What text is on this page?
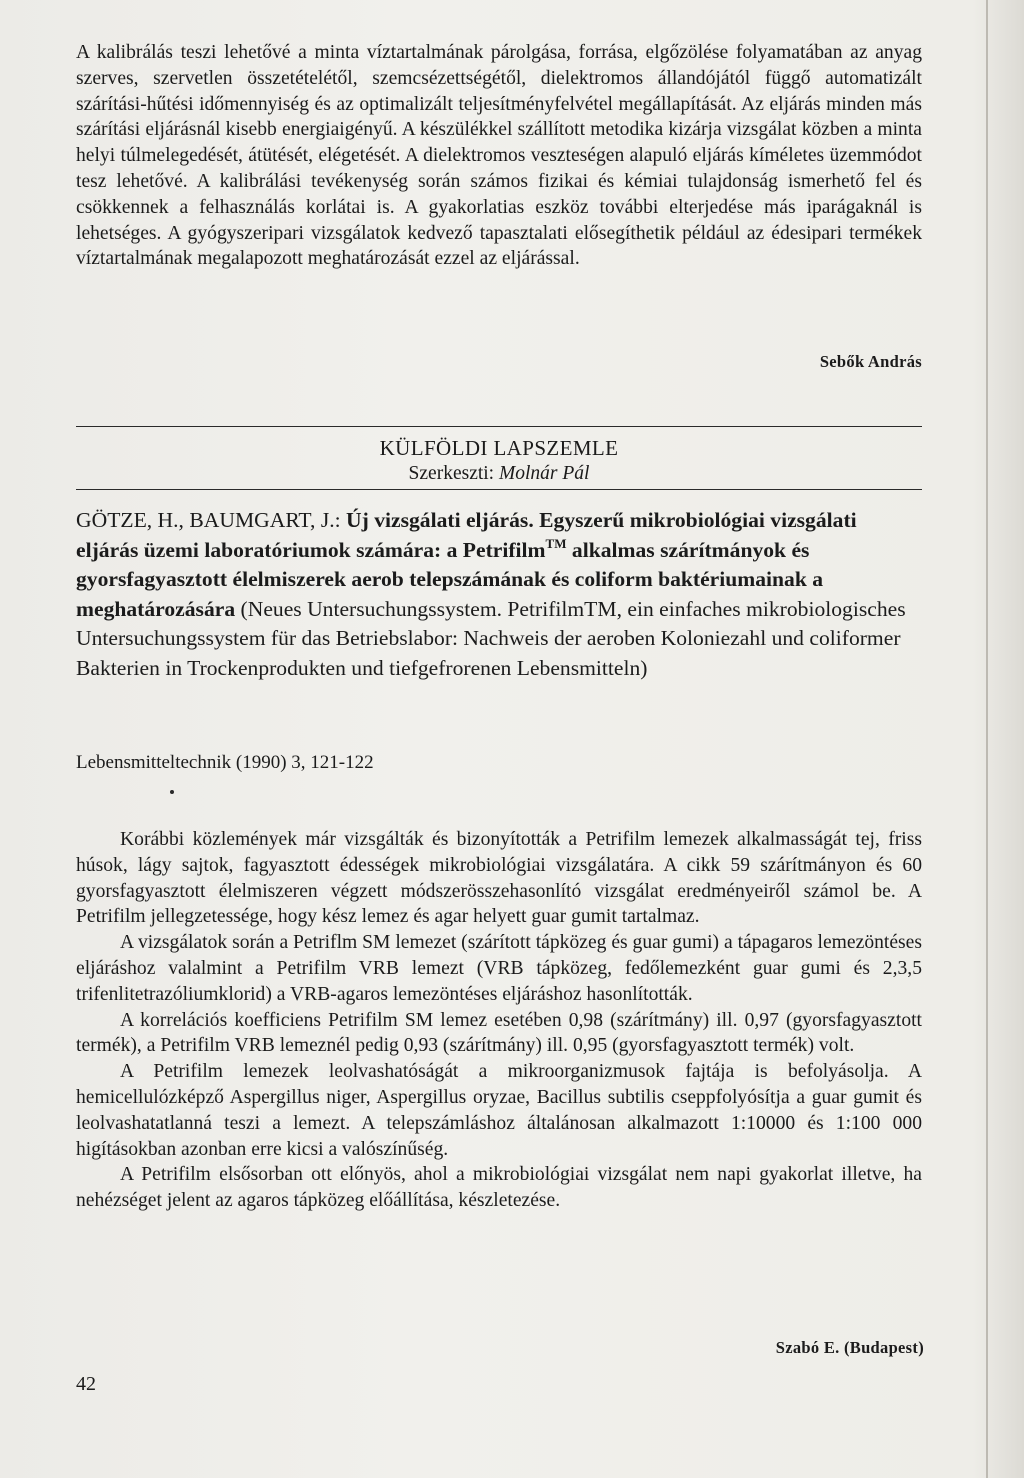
A kalibrálás teszi lehetővé a minta víztartalmának párolgása, forrása, elgőzölése folyamatában az anyag szerves, szervetlen összetételétől, szemcsézettségétől, dielektromos állandójától függő automatizált szárítási-hűtési időmennyiség és az optimalizált teljesítményfelvétel megállapítását. Az eljárás minden más szárítási eljárásnál kisebb energiaigényű. A készülékkel szállított metodika kizárja vizsgálat közben a minta helyi túlmelegedését, átütését, elégetését. A dielektromos veszteségen alapuló eljárás kíméletes üzemmódot tesz lehetővé. A kalibrálási tevékenység során számos fizikai és kémiai tulajdonság ismerhető fel és csökkennek a felhasználás korlátai is. A gyakorlatias eszköz további elterjedése más iparágaknál is lehetséges. A gyógyszeripari vizsgálatok kedvező tapasztalati elősegíthetik például az édesipari termékek víztartalmának megalapozott meghatározását ezzel az eljárással.

Sebők András
KÜLFÖLDI LAPSZEMLE
Szerkeszti: Molnár Pál
GÖTZE, H., BAUMGART, J.: Új vizsgálati eljárás. Egyszerű mikrobiológiai vizsgálati eljárás üzemi laboratóriumok számára: a Petrifilm™ alkalmas szárítmányok és gyorsfagyasztott élelmiszerek aerob telepszámának és coliform baktériumainak a meghatározására (Neues Untersuchungssystem. PetrifilmTM, ein einfaches mikrobiologisches Untersuchungssystem für das Betriebslabor: Nachweis der aeroben Koloniezahl und coliformer Bakterien in Trockenprodukten und tiefgefrorenen Lebensmitteln)
Lebensmitteltechnik (1990) 3, 121-122

Korábbi közlemények már vizsgálták és bizonyították a Petrifilm lemezek alkalmasságát tej, friss húsok, lágy sajtok, fagyasztott édességek mikrobiológiai vizsgálatára. A cikk 59 szárítmányon és 60 gyorsfagyasztott élelmiszeren végzett módszerösszehasonlító vizsgálat eredményeiről számol be. A Petrifilm jellegzetessége, hogy kész lemez és agar helyett guar gumit tartalmaz.

A vizsgálatok során a Petriflm SM lemezet (szárított tápközeg és guar gumi) a tápagaros lemezöntéses eljáráshoz valalmint a Petrifilm VRB lemezt (VRB tápközeg, fedőlemezként guar gumi és 2,3,5 trifenlitetrazóliumklorid) a VRB-agaros lemezöntéses eljáráshoz hasonlították.

A korrelációs koefficiens Petrifilm SM lemez esetében 0,98 (szárítmány) ill. 0,97 (gyorsfagyasztott termék), a Petrifilm VRB lemeznél pedig 0,93 (szárítmány) ill. 0,95 (gyorsfagyasztott termék) volt.

A Petrifilm lemezek leolvashatóságát a mikroorganizmusok fajtája is befolyásolja. A hemicellulózképző Aspergillus niger, Aspergillus oryzae, Bacillus subtilis cseppfolyósítja a guar gumit és leolvashatatlanná teszi a lemezt. A telepszámláshoz általánosan alkalmazott 1:10000 és 1:100 000 higításokban azonban erre kicsi a valószínűség.

A Petrifilm elsősorban ott előnyös, ahol a mikrobiológiai vizsgálat nem napi gyakorlat illetve, ha nehézséget jelent az agaros tápközeg előállítása, készletezése.

Szabó E. (Budapest)
42
